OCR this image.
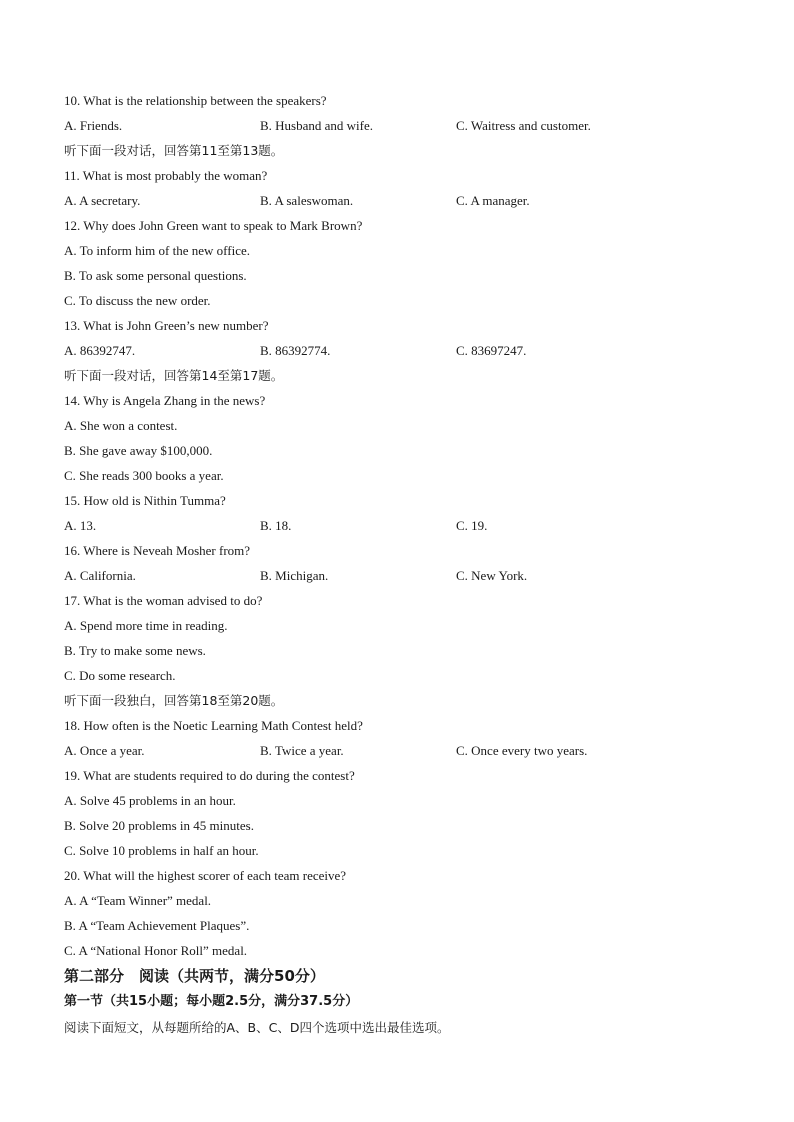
10. What is the relationship between the speakers?
A. Friends.	B. Husband and wife.	C. Waitress and customer.
听下面一段对话，回答第11至第13题。
11. What is most probably the woman?
A. A secretary.	B. A saleswoman.	C. A manager.
12. Why does John Green want to speak to Mark Brown?
A. To inform him of the new office.
B. To ask some personal questions.
C. To discuss the new order.
13. What is John Green’s new number?
A. 86392747.	B. 86392774.	C. 83697247.
听下面一段对话，回答第14至第17题。
14. Why is Angela Zhang in the news?
A. She won a contest.
B. She gave away $100,000.
C. She reads 300 books a year.
15. How old is Nithin Tumma?
A. 13.	B. 18.	C. 19.
16. Where is Neveah Mosher from?
A. California.	B. Michigan.	C. New York.
17. What is the woman advised to do?
A. Spend more time in reading.
B. Try to make some news.
C. Do some research.
听下面一段独白，回答第18至第20题。
18. How often is the Noetic Learning Math Contest held?
A. Once a year.	B. Twice a year.	C. Once every two years.
19. What are students required to do during the contest?
A. Solve 45 problems in an hour.
B. Solve 20 problems in 45 minutes.
C. Solve 10 problems in half an hour.
20. What will the highest scorer of each team receive?
A. A “Team Winner” medal.
B. A “Team Achievement Plaques”.
C. A “National Honor Roll” medal.
第二部分　阅读（共两节，满分50分）
第一节（共15小题；每小题2.5分，满分37.5分）
阅读下面短文，从每题所给的A、B、C、D四个选项中选出最佳选项。
